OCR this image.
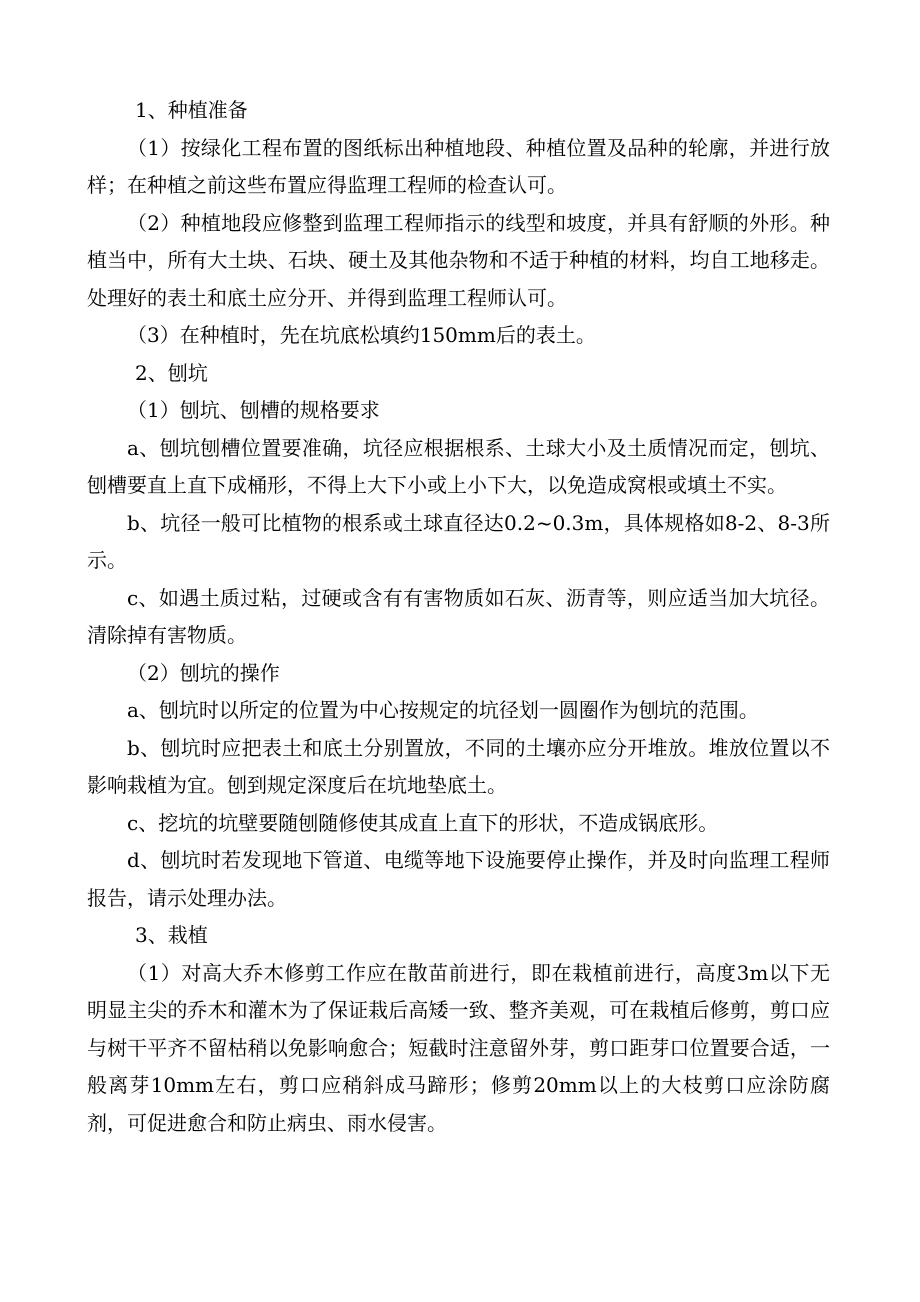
1、种植准备

（1）按绿化工程布置的图纸标出种植地段、种植位置及品种的轮廓，并进行放样；在种植之前这些布置应得监理工程师的检查认可。

（2）种植地段应修整到监理工程师指示的线型和坡度，并具有舒顺的外形。种植当中，所有大土块、石块、硬土及其他杂物和不适于种植的材料，均自工地移走。处理好的表土和底土应分开、并得到监理工程师认可。

（3）在种植时，先在坑底松填约150mm后的表土。

2、刨坑

（1）刨坑、刨槽的规格要求

a、刨坑刨槽位置要准确，坑径应根据根系、土球大小及土质情况而定，刨坑、刨槽要直上直下成桶形，不得上大下小或上小下大，以免造成窝根或填土不实。

b、坑径一般可比植物的根系或土球直径达0.2~0.3m，具体规格如8-2、8-3所示。

c、如遇土质过粘，过硬或含有有害物质如石灰、沥青等，则应适当加大坑径。清除掉有害物质。

（2）刨坑的操作

a、刨坑时以所定的位置为中心按规定的坑径划一圆圈作为刨坑的范围。

b、刨坑时应把表土和底土分别置放，不同的土壤亦应分开堆放。堆放位置以不影响栽植为宜。刨到规定深度后在坑地垫底土。

c、挖坑的坑壁要随刨随修使其成直上直下的形状，不造成锅底形。

d、刨坑时若发现地下管道、电缆等地下设施要停止操作，并及时向监理工程师报告，请示处理办法。

3、栽植

（1）对高大乔木修剪工作应在散苗前进行，即在栽植前进行，高度3m以下无明显主尖的乔木和灌木为了保证栽后高矮一致、整齐美观，可在栽植后修剪，剪口应与树干平齐不留枯稍以免影响愈合；短截时注意留外芽，剪口距芽口位置要合适，一般离芽10mm左右，剪口应稍斜成马蹄形；修剪20mm以上的大枝剪口应涂防腐剂，可促进愈合和防止病虫、雨水侵害。
